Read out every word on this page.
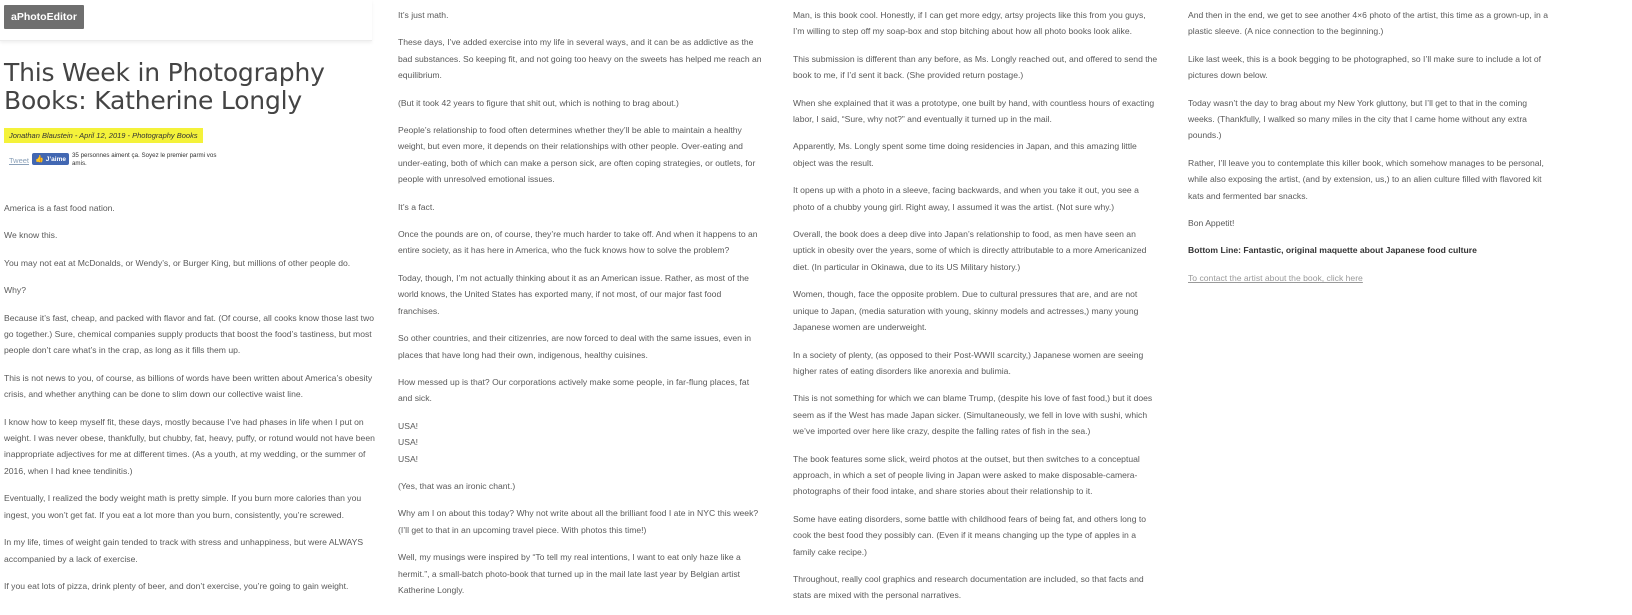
aPhotoEditor
This Week in Photography Books: Katherine Longly
Jonathan Blaustein - April 12, 2019 - Photography Books
Tweet 👍 J’aime 35 personnes aiment ça. Soyez le premier parmi vos amis.

America is a fast food nation.

We know this.

You may not eat at McDonalds, or Wendy’s, or Burger King, but millions of other people do.

Why?

Because it’s fast, cheap, and packed with flavor and fat. (Of course, all cooks know those last two go together.) Sure, chemical companies supply products that boost the food’s tastiness, but most people don’t care what’s in the crap, as long as it fills them up.

This is not news to you, of course, as billions of words have been written about America’s obesity crisis, and whether anything can be done to slim down our collective waist line.

I know how to keep myself fit, these days, mostly because I’ve had phases in life when I put on weight. I was never obese, thankfully, but chubby, fat, heavy, puffy, or rotund would not have been inappropriate adjectives for me at different times. (As a youth, at my wedding, or the summer of 2016, when I had knee tendinitis.)

Eventually, I realized the body weight math is pretty simple. If you burn more calories than you ingest, you won’t get fat. If you eat a lot more than you burn, consistently, you’re screwed.

In my life, times of weight gain tended to track with stress and unhappiness, but were ALWAYS accompanied by a lack of exercise.

If you eat lots of pizza, drink plenty of beer, and don’t exercise, you’re going to gain weight.

It’s just math.

These days, I’ve added exercise into my life in several ways, and it can be as addictive as the bad substances. So keeping fit, and not going too heavy on the sweets has helped me reach an equilibrium.

(But it took 42 years to figure that shit out, which is nothing to brag about.)

People’s relationship to food often determines whether they’ll be able to maintain a healthy weight, but even more, it depends on their relationships with other people. Over-eating and under-eating, both of which can make a person sick, are often coping strategies, or outlets, for people with unresolved emotional issues.

It’s a fact.

Once the pounds are on, of course, they’re much harder to take off. And when it happens to an entire society, as it has here in America, who the fuck knows how to solve the problem?

Today, though, I’m not actually thinking about it as an American issue. Rather, as most of the world knows, the United States has exported many, if not most, of our major fast food franchises.

So other countries, and their citizenries, are now forced to deal with the same issues, even in places that have long had their own, indigenous, healthy cuisines.

How messed up is that? Our corporations actively make some people, in far-flung places, fat and sick.

USA!
USA!
USA!

(Yes, that was an ironic chant.)

Why am I on about this today? Why not write about all the brilliant food I ate in NYC this week? (I’ll get to that in an upcoming travel piece. With photos this time!)

Well, my musings were inspired by “To tell my real intentions, I want to eat only haze like a hermit.”, a small-batch photo-book that turned up in the mail late last year by Belgian artist Katherine Longly.

Man, is this book cool. Honestly, if I can get more edgy, artsy projects like this from you guys, I’m willing to step off my soap-box and stop bitching about how all photo books look alike.

This submission is different than any before, as Ms. Longly reached out, and offered to send the book to me, if I’d sent it back. (She provided return postage.)

When she explained that it was a prototype, one built by hand, with countless hours of exacting labor, I said, “Sure, why not?” and eventually it turned up in the mail.

Apparently, Ms. Longly spent some time doing residencies in Japan, and this amazing little object was the result.

It opens up with a photo in a sleeve, facing backwards, and when you take it out, you see a photo of a chubby young girl. Right away, I assumed it was the artist. (Not sure why.)

Overall, the book does a deep dive into Japan’s relationship to food, as men have seen an uptick in obesity over the years, some of which is directly attributable to a more Americanized diet. (In particular in Okinawa, due to its US Military history.)

Women, though, face the opposite problem. Due to cultural pressures that are, and are not unique to Japan, (media saturation with young, skinny models and actresses,) many young Japanese women are underweight.

In a society of plenty, (as opposed to their Post-WWII scarcity,) Japanese women are seeing higher rates of eating disorders like anorexia and bulimia.

This is not something for which we can blame Trump, (despite his love of fast food,) but it does seem as if the West has made Japan sicker. (Simultaneously, we fell in love with sushi, which we’ve imported over here like crazy, despite the falling rates of fish in the sea.)

The book features some slick, weird photos at the outset, but then switches to a conceptual approach, in which a set of people living in Japan were asked to make disposable-camera-photographs of their food intake, and share stories about their relationship to it.

Some have eating disorders, some battle with childhood fears of being fat, and others long to cook the best food they possibly can. (Even if it means changing up the type of apples in a family cake recipe.)

Throughout, really cool graphics and research documentation are included, so that facts and stats are mixed with the personal narratives.

And then in the end, we get to see another 4×6 photo of the artist, this time as a grown-up, in a plastic sleeve. (A nice connection to the beginning.)

Like last week, this is a book begging to be photographed, so I’ll make sure to include a lot of pictures down below.

Today wasn’t the day to brag about my New York gluttony, but I’ll get to that in the coming weeks. (Thankfully, I walked so many miles in the city that I came home without any extra pounds.)

Rather, I’ll leave you to contemplate this killer book, which somehow manages to be personal, while also exposing the artist, (and by extension, us,) to an alien culture filled with flavored kit kats and fermented bar snacks.

Bon Appetit!

Bottom Line: Fantastic, original maquette about Japanese food culture

To contact the artist about the book, click here
